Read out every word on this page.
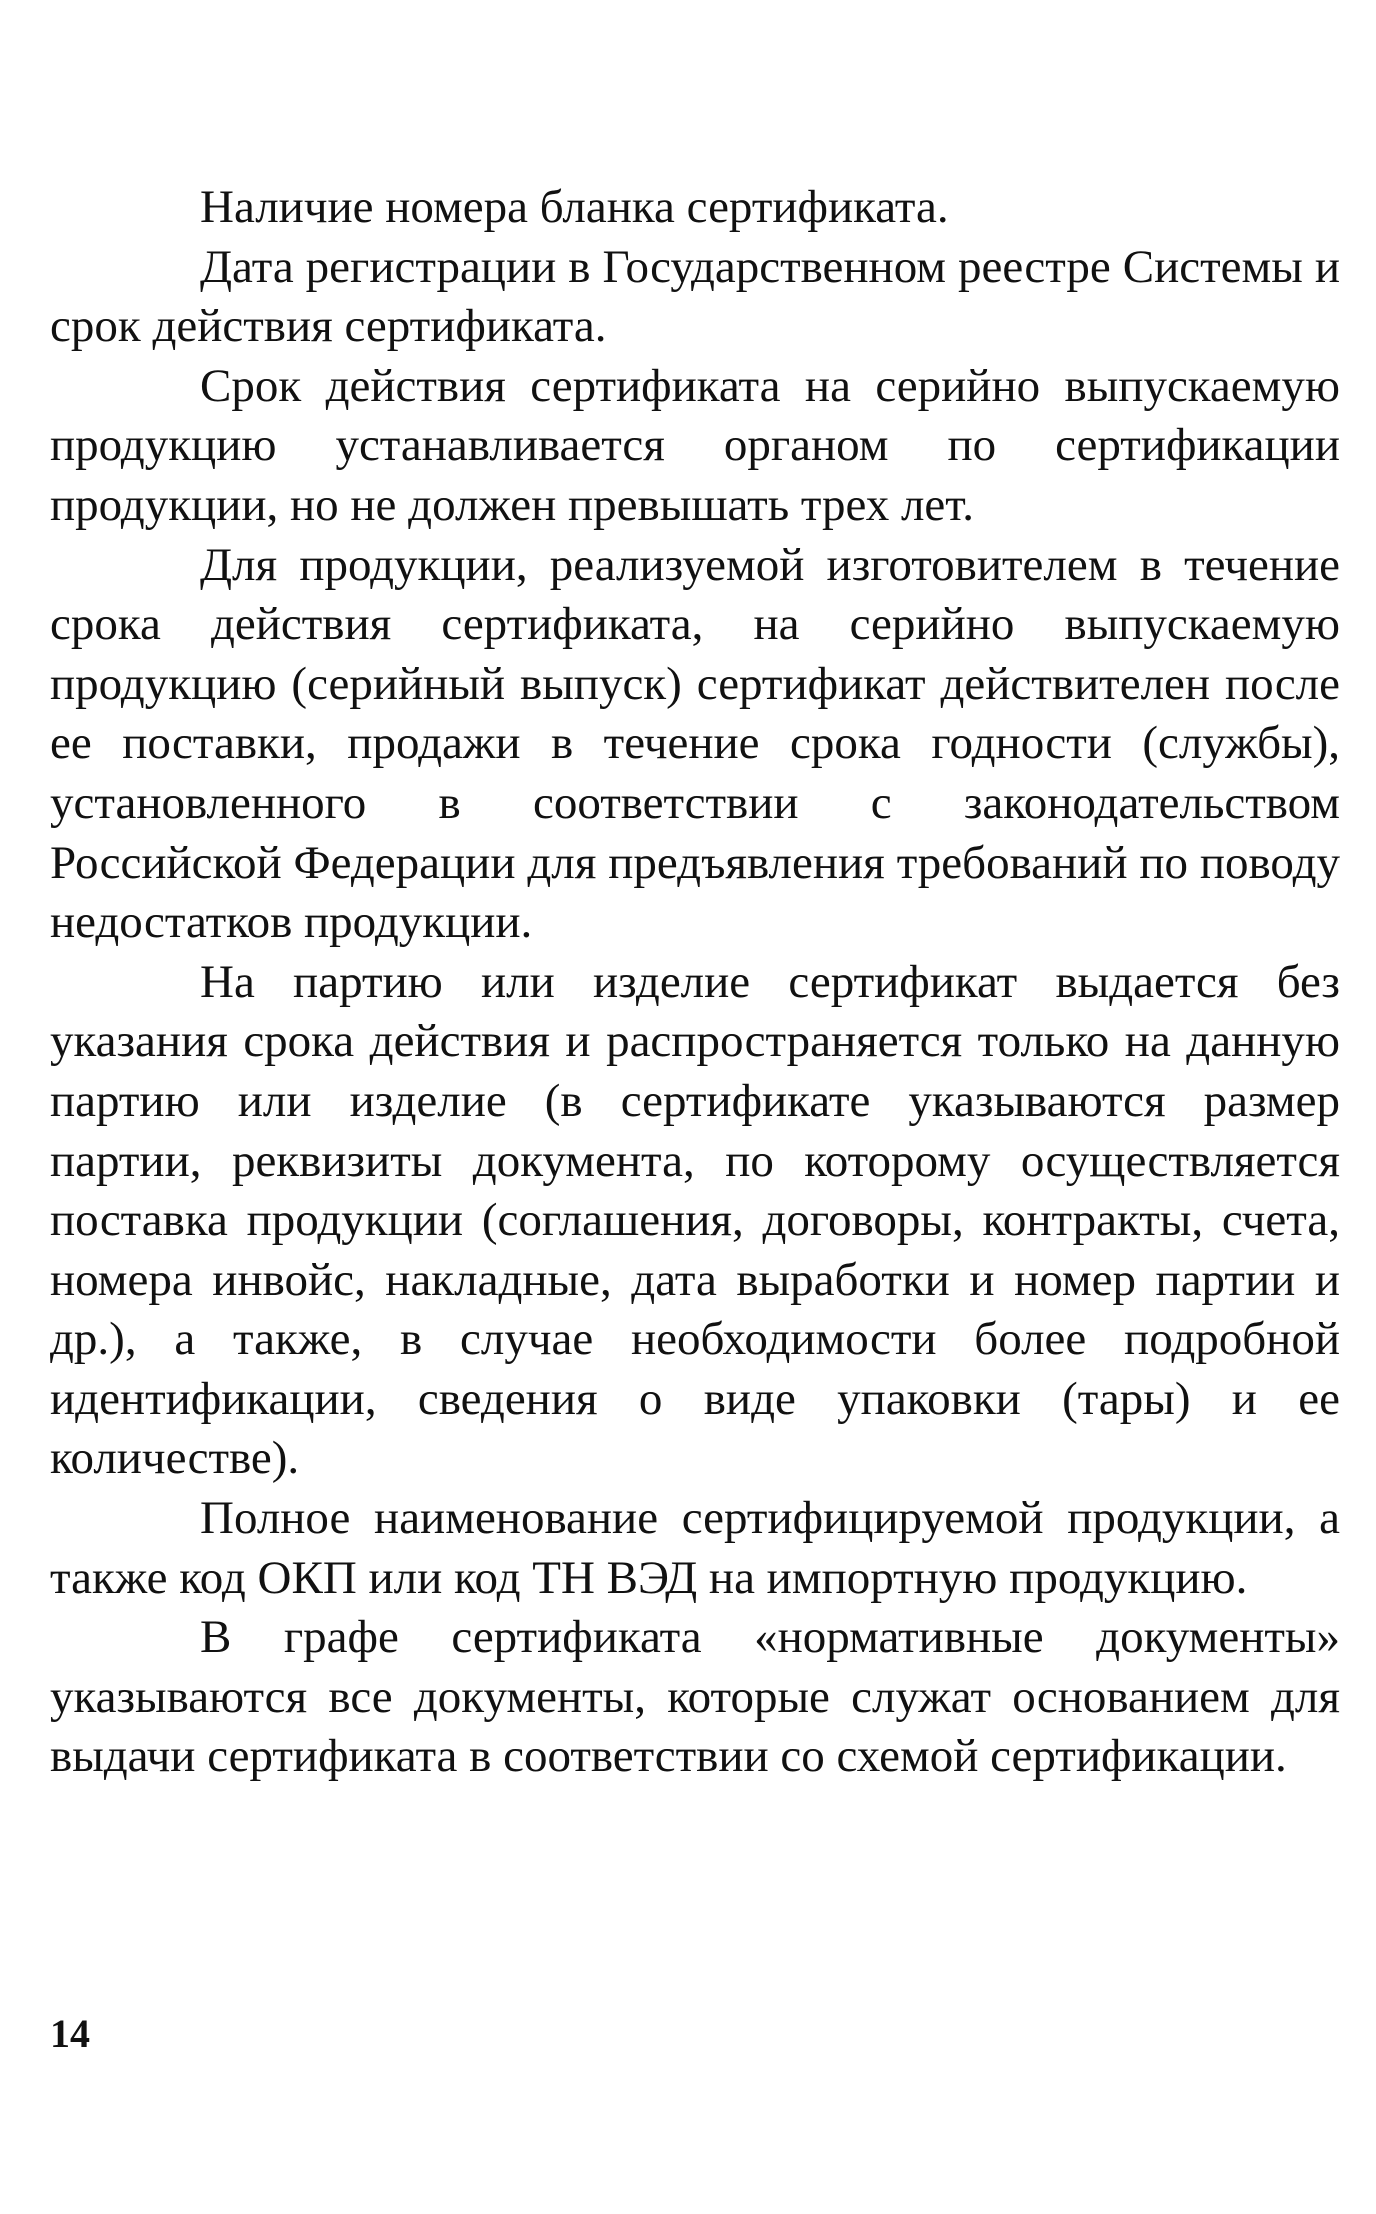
Наличие номера бланка сертификата.

Дата регистрации в Государственном реестре Системы и срок действия сертификата.

Срок действия сертификата на серийно выпускаемую продукцию устанавливается органом по сертификации продукции, но не должен превышать трех лет.

Для продукции, реализуемой изготовителем в течение срока действия сертификата, на серийно выпускаемую продукцию (серийный выпуск) сертификат действителен после ее поставки, продажи в течение срока годности (службы), установленного в соответствии с законодательством Российской Федерации для предъявления требований по поводу недостатков продукции.

На партию или изделие сертификат выдается без указания срока действия и распространяется только на данную партию или изделие (в сертификате указываются размер партии, реквизиты документа, по которому осуществляется поставка продукции (соглашения, договоры, контракты, счета, номера инвойс, накладные, дата выработки и номер партии и др.), а также, в случае необходимости более подробной идентификации, сведения о виде упаковки (тары) и ее количестве).

Полное наименование сертифицируемой продукции, а также код ОКП или код ТН ВЭД на импортную продукцию.

В графе сертификата «нормативные документы» указываются все документы, которые служат основанием для выдачи сертификата в соответствии со схемой сертификации.

14
